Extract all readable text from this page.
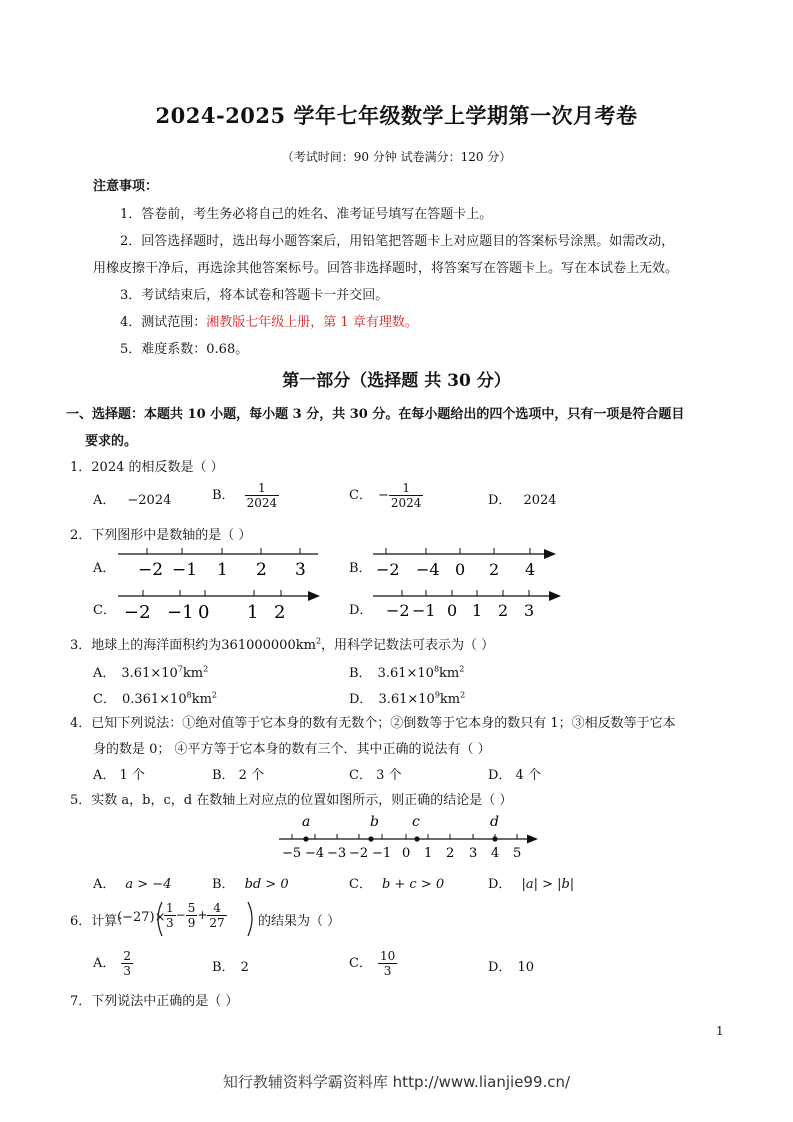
2024-2025 学年七年级数学上学期第一次月考卷
（考试时间：90 分钟 试卷满分：120 分）
注意事项：
1．答卷前，考生务必将自己的姓名、准考证号填写在答题卡上。
2．回答选择题时，选出每小题答案后，用铅笔把答题卡上对应题目的答案标号涂黑。如需改动，
用橡皮擦干净后，再选涂其他答案标号。回答非选择题时，将答案写在答题卡上。写在本试卷上无效。
3．考试结束后，将本试卷和答题卡一并交回。
4．测试范围：湘教版七年级上册，第 1 章有理数。
5．难度系数：0.68。
第一部分（选择题 共 30 分）
一、选择题：本题共 10 小题，每小题 3 分，共 30 分。在每小题给出的四个选项中，只有一项是符合题目
要求的。
1．2024 的相反数是（ ）
A． −2024	B． $\frac{1}{2024}$	C． − $\frac{1}{2024}$	D． 2024
2．下列图形中是数轴的是（ ）
A．	B．
C．	D．
−2 −1 1 2 3	−2 −4 0 2 4
−2 −1 0 1 2	−2 −1 0 1 2 3
a	b c	d
−5 −4 −3 −2 −1 0 1 2 3 4 5
3．地球上的海洋面积约为$361000000km^2$，用科学记数法可表示为（ ）
A． $3.61\times 10^7km^2$	B． $3.61\times 10^8km^2$
C． $0.361\times 10^8km^2$	D． $3.61\times 10^9km^2$
4．已知下列说法：①绝对值等于它本身的数有无数个；②倒数等于它本身的数只有 1；③相反数等于它本
身的数是 0； ④平方等于它本身的数有三个．其中正确的说法有（ ）
A． 1 个	B． 2 个	C． 3 个	D． 4 个
5．实数 a，b，c，d 在数轴上对应点的位置如图所示，则正确的结论是（ ）
A． a > −4	B． bd > 0	C． b + c > 0	D． |a| > |b|
6．计算：
(−27)×
$\frac{1}{3} - \frac{5}{9} + \frac{4}{27}$ 的结果为（ ）
A． $\frac{2}{3}$	B． 2	C． $\frac{10}{3}$	D． 10
7．下列说法中正确的是（ ）
1
知行教辅资料学霸资料库 http://www.lianjie99.cn/
